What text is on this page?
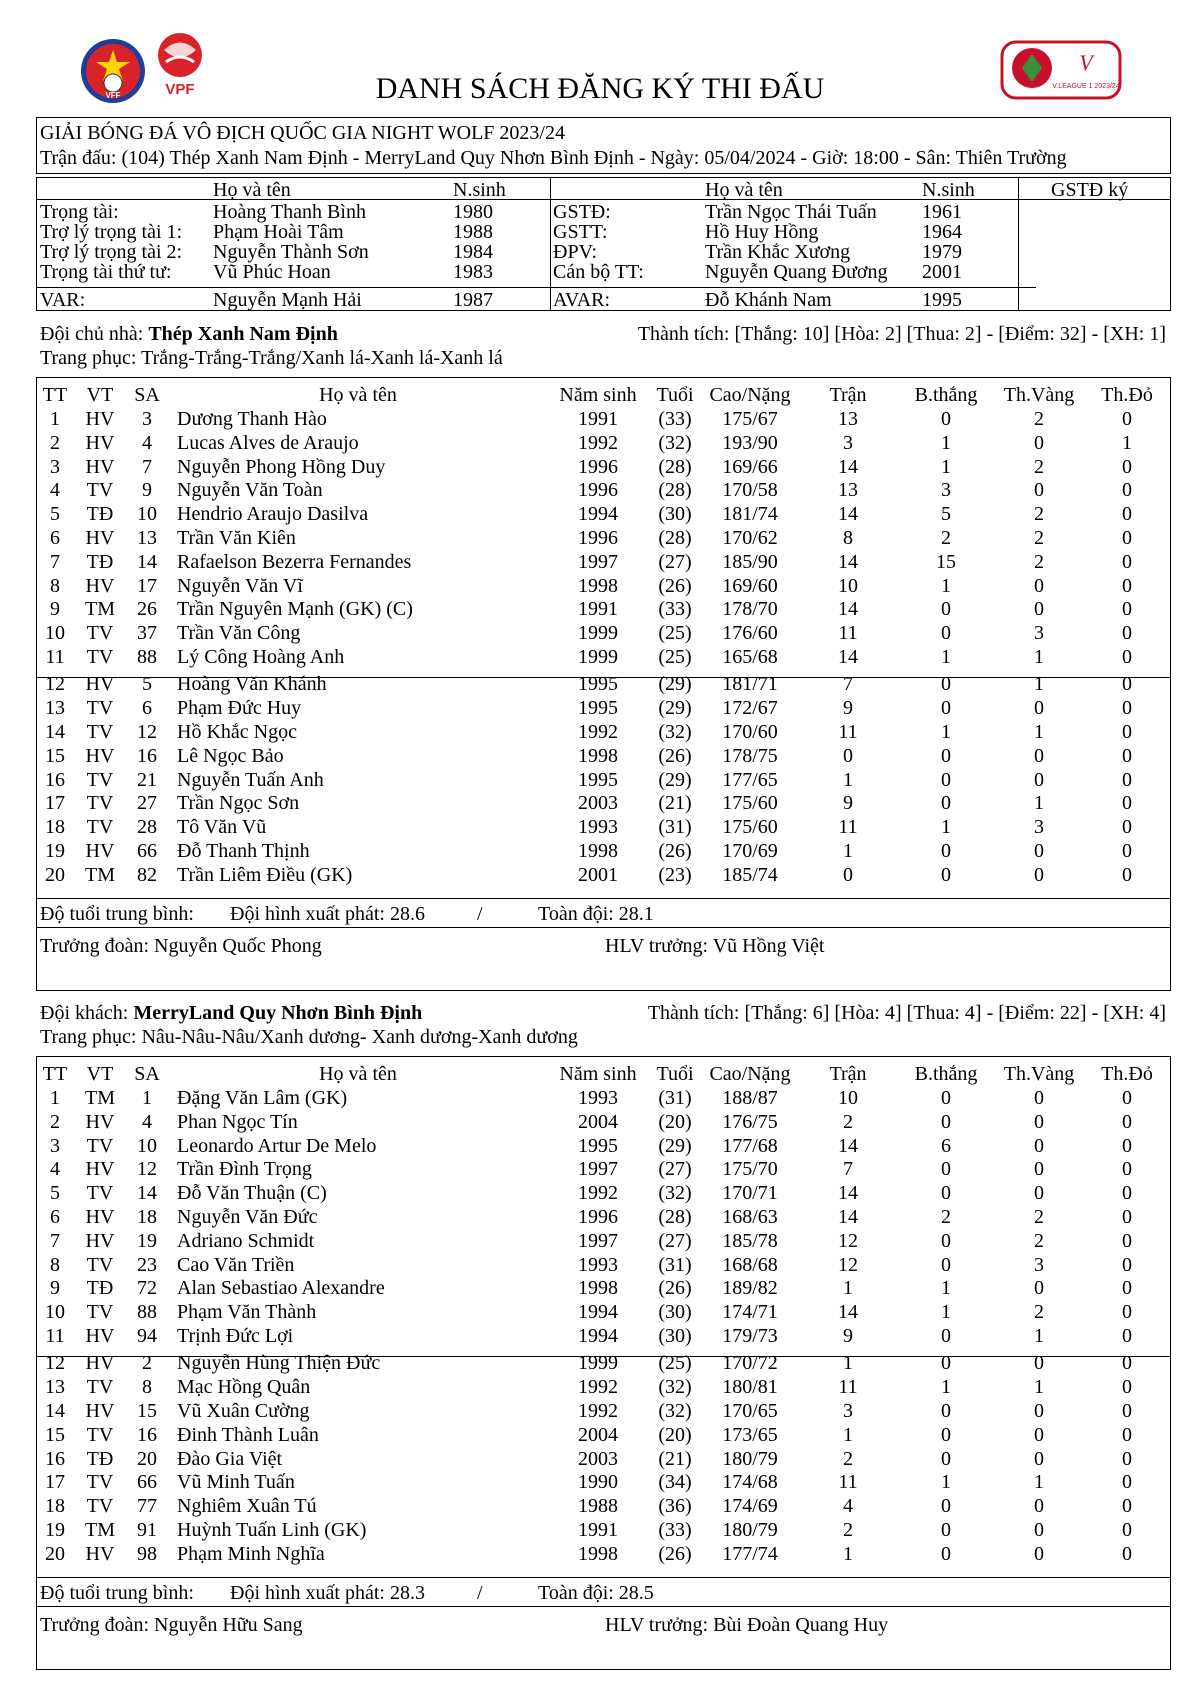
VFF	VPF
V
V.LEAGUE 1 2023/24
DANH SÁCH ĐĂNG KÝ THI ĐẤU
GIẢI BÓNG ĐÁ VÔ ĐỊCH QUỐC GIA NIGHT WOLF 2023/24
Trận đấu: (104) Thép Xanh Nam Định - MerryLand Quy Nhơn Bình Định - Ngày: 05/04/2024 - Giờ: 18:00 - Sân: Thiên Trường
Họ và tên	N.sinh	Họ và tên	N.sinh	GSTĐ ký
Trọng tài:	Hoàng Thanh Bình	1980
Trợ lý trọng tài 1: Phạm Hoài Tâm	1988
Trợ lý trọng tài 2: Nguyễn Thành Sơn	1984
Trọng tài thứ tư: Vũ Phúc Hoan	1983
GSTĐ:	Trần Ngọc Thái Tuấn 1961
GSTT:	Hồ Huy Hồng	1964
ĐPV:	Trần Khắc Xương	1979
Cán bộ TT:	Nguyễn Quang Đương 2001
VAR:	Nguyễn Mạnh Hải	1987	AVAR:	Đỗ Khánh Nam	1995
Đội chủ nhà: Thép Xanh Nam Định	Thành tích: [Thắng: 10] [Hòa: 2] [Thua: 2] - [Điểm: 32] - [XH: 1]
Trang phục: Trắng-Trắng-Trắng/Xanh lá-Xanh lá-Xanh lá
TT VT SA	Họ và tên	Năm sinh Tuổi Cao/Nặng Trận B.thắng Th.Vàng Th.Đỏ
1 HV 3 Dương Thanh Hào	1991 (33) 175/67	13	0	2	0
2 HV 4 Lucas Alves de Araujo	1992 (32) 193/90	3	1	0	1
3 HV 7 Nguyễn Phong Hồng Duy	1996 (28) 169/66	14	1	2	0
4 TV 9 Nguyễn Văn Toàn	1996 (28) 170/58	13	3	0	0
5 TĐ 10 Hendrio Araujo Dasilva	1994 (30) 181/74	14	5	2	0
6 HV 13 Trần Văn Kiên	1996 (28) 170/62	8	2	2	0
7 TĐ 14 Rafaelson Bezerra Fernandes	1997 (27) 185/90	14	15	2	0
8 HV 17 Nguyễn Văn Vĩ	1998 (26) 169/60	10	1	0	0
9 TM 26 Trần Nguyên Mạnh (GK) (C)	1991 (33) 178/70	14	0	0	0
10 TV 37 Trần Văn Công	1999 (25) 176/60	11	0	3	0
11 TV 88 Lý Công Hoàng Anh	1999 (25) 165/68	14	1	1	0
12 HV 5 Hoàng Văn Khánh	1995 (29) 181/71	7	0	1	0
13 TV 6 Phạm Đức Huy	1995 (29) 172/67	9	0	0	0
14 TV 12 Hồ Khắc Ngọc	1992 (32) 170/60	11	1	1	0
15 HV 16 Lê Ngọc Bảo	1998 (26) 178/75	0	0	0	0
16 TV 21 Nguyễn Tuấn Anh	1995 (29) 177/65	1	0	0	0
17 TV 27 Trần Ngọc Sơn	2003 (21) 175/60	9	0	1	0
18 TV 28 Tô Văn Vũ	1993 (31) 175/60	11	1	3	0
19 HV 66 Đỗ Thanh Thịnh	1998 (26) 170/69	1	0	0	0
20 TM 82 Trần Liêm Điều (GK)	2001 (23) 185/74	0	0	0	0
Độ tuổi trung bình: Đội hình xuất phát: 28.6	/	Toàn đội: 28.1
Trưởng đoàn: Nguyễn Quốc Phong	HLV trưởng: Vũ Hồng Việt
Đội khách: MerryLand Quy Nhơn Bình Định	Thành tích: [Thắng: 6] [Hòa: 4] [Thua: 4] - [Điểm: 22] - [XH: 4]
Trang phục: Nâu-Nâu-Nâu/Xanh dương- Xanh dương-Xanh dương
TT VT SA	Họ và tên	Năm sinh Tuổi Cao/Nặng Trận B.thắng Th.Vàng Th.Đỏ
1 TM 1 Đặng Văn Lâm (GK)	1993 (31) 188/87	10	0	0	0
2 HV 4 Phan Ngọc Tín	2004 (20) 176/75	2	0	0	0
3 TV 10 Leonardo Artur De Melo	1995 (29) 177/68	14	6	0	0
4 HV 12 Trần Đình Trọng	1997 (27) 175/70	7	0	0	0
5 TV 14 Đỗ Văn Thuận (C)	1992 (32) 170/71	14	0	0	0
6 HV 18 Nguyễn Văn Đức	1996 (28) 168/63	14	2	2	0
7 HV 19 Adriano Schmidt	1997 (27) 185/78	12	0	2	0
8 TV 23 Cao Văn Triền	1993 (31) 168/68	12	0	3	0
9 TĐ 72 Alan Sebastiao Alexandre	1998 (26) 189/82	1	1	0	0
10 TV 88 Phạm Văn Thành	1994 (30) 174/71	14	1	2	0
11 HV 94 Trịnh Đức Lợi	1994 (30) 179/73	9	0	1	0
12 HV 2 Nguyễn Hùng Thiện Đức	1999 (25) 170/72	1	0	0	0
13 TV 8 Mạc Hồng Quân	1992 (32) 180/81	11	1	1	0
14 HV 15 Vũ Xuân Cường	1992 (32) 170/65	3	0	0	0
15 TV 16 Đinh Thành Luân	2004 (20) 173/65	1	0	0	0
16 TĐ 20 Đào Gia Việt	2003 (21) 180/79	2	0	0	0
17 TV 66 Vũ Minh Tuấn	1990 (34) 174/68	11	1	1	0
18 TV 77 Nghiêm Xuân Tú	1988 (36) 174/69	4	0	0	0
19 TM 91 Huỳnh Tuấn Linh (GK)	1991 (33) 180/79	2	0	0	0
20 HV 98 Phạm Minh Nghĩa	1998 (26) 177/74	1	0	0	0
Độ tuổi trung bình: Đội hình xuất phát: 28.3	/	Toàn đội: 28.5
Trưởng đoàn: Nguyễn Hữu Sang	HLV trưởng: Bùi Đoàn Quang Huy
